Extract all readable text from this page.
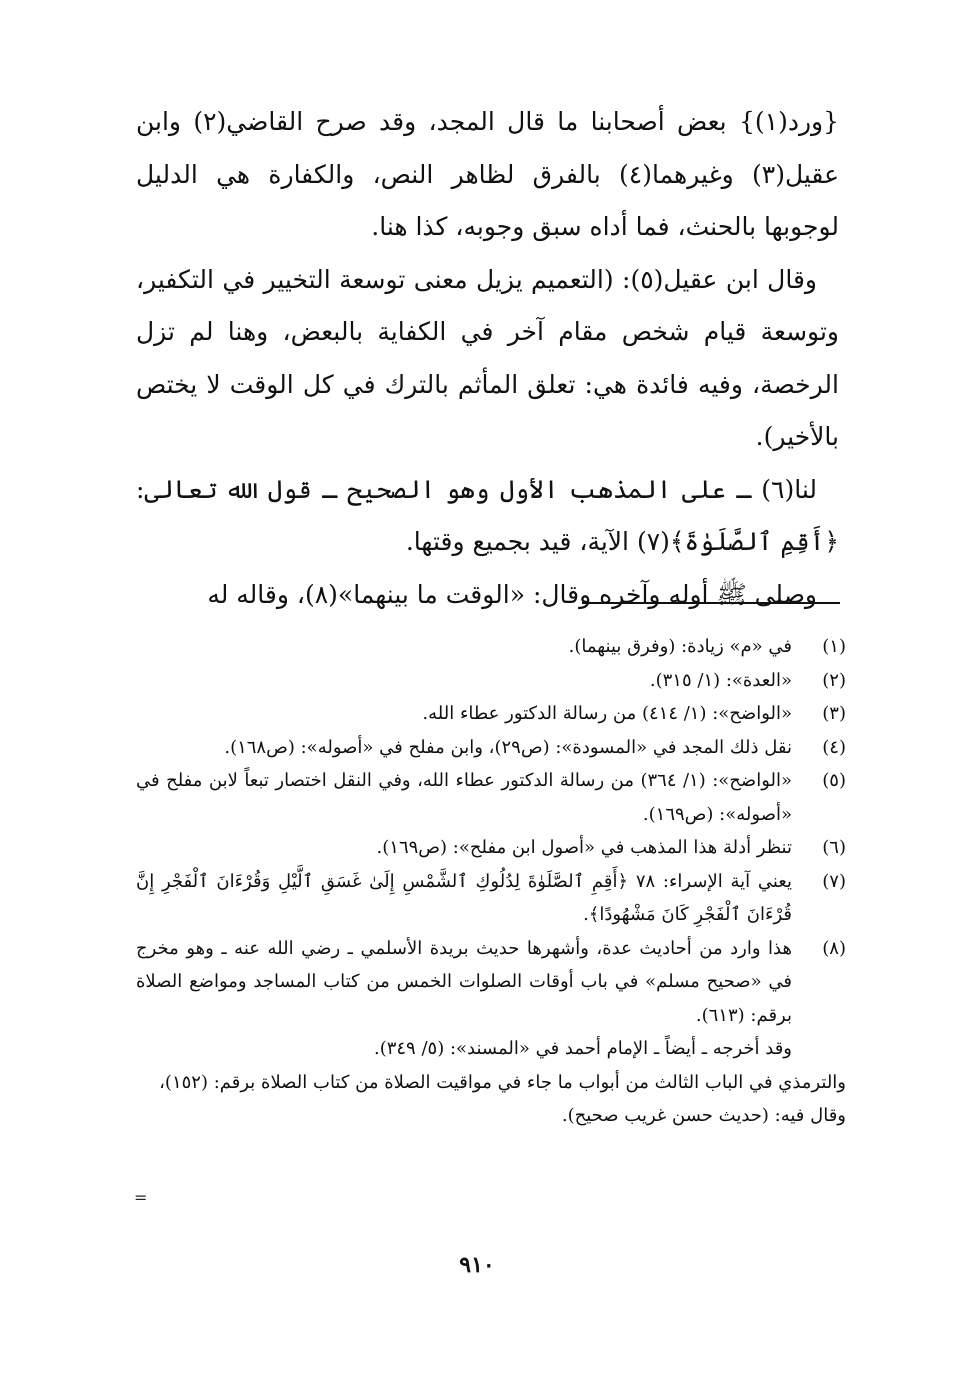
{ورد(١)} بعض أصحابنا ما قال المجد، وقد صرح القاضي(٢) وابن عقيل(٣) وغيرهما(٤) بالفرق لظاهر النص، والكفارة هي الدليل لوجوبها بالحنث، فما أداه سبق وجوبه، كذا هنا.

وقال ابن عقيل(٥): (التعميم يزيل معنى توسعة التخيير في التكفير، وتوسعة قيام شخص مقام آخر في الكفاية بالبعض، وهنا لم تزل الرخصة، وفيه فائدة هي: تعلق المأثم بالترك في كل الوقت لا يختص بالأخير).

لنا(٦) ـ على المذهب الأول وهو الصحيح ـ قول الله تعالى: ﴿أَقِمِ ٱلصَّلَوٰةَ﴾(٧) الآية، قيد بجميع وقتها.

وصلى ﷺ أوله وآخره وقال: «الوقت ما بينهما»(٨)، وقاله له

(١)
في «م» زيادة: (وفرق بينهما).
(٢)
«العدة»: (١/ ٣١٥).
(٣)
«الواضح»: (١/ ٤١٤) من رسالة الدكتور عطاء الله.
(٤)
نقل ذلك المجد في «المسودة»: (ص٢٩)، وابن مفلح في «أصوله»: (ص١٦٨).
(٥)
«الواضح»: (١/ ٣٦٤) من رسالة الدكتور عطاء الله، وفي النقل اختصار تبعاً لابن مفلح في «أصوله»: (ص١٦٩).
(٦)
تنظر أدلة هذا المذهب في «أصول ابن مفلح»: (ص١٦٩).
(٧)
يعني آية الإسراء: ٧٨ ﴿أَقِمِ ٱلصَّلَوٰةَ لِدُلُوكِ ٱلشَّمْسِ إِلَىٰ غَسَقِ ٱلَّيْلِ وَقُرْءَانَ ٱلْفَجْرِ إِنَّ قُرْءَانَ ٱلْفَجْرِ كَانَ مَشْهُودًا﴾.
(٨)
هذا وارد من أحاديث عدة، وأشهرها حديث بريدة الأسلمي ـ رضي الله عنه ـ وهو مخرج في «صحيح مسلم» في باب أوقات الصلوات الخمس من كتاب المساجد ومواضع الصلاة برقم: (٦١٣).
وقد أخرجه ـ أيضاً ـ الإمام أحمد في «المسند»: (٥/ ٣٤٩).
والترمذي في الباب الثالث من أبواب ما جاء في مواقيت الصلاة من كتاب الصلاة برقم: (١٥٢)، وقال فيه: (حديث حسن غريب صحيح).
=
٩١٠
